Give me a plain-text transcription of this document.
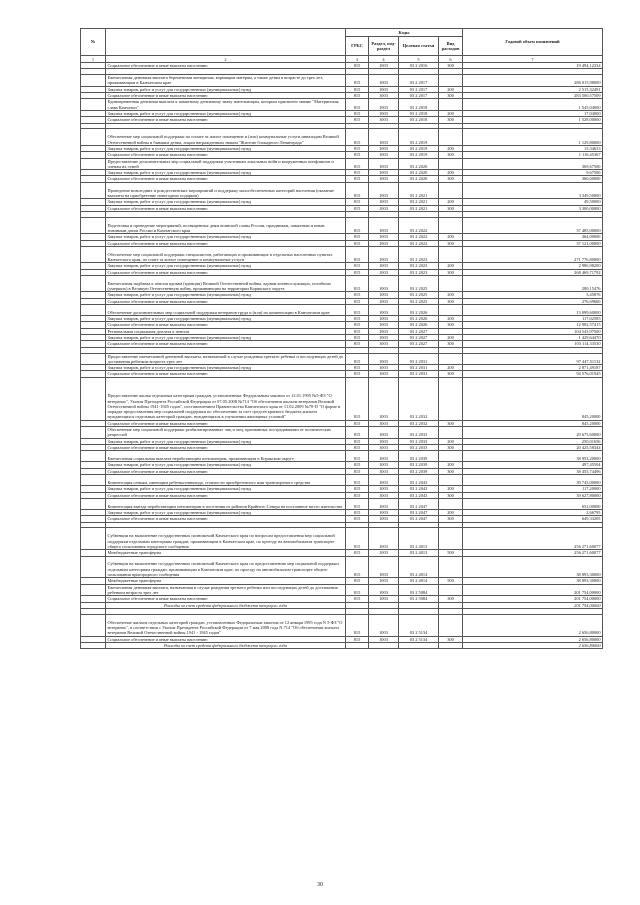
№		Коды				Годовой объем назначений
		ГРБС	Раздел, под-раздел	Целевая статья	Вид расходов	
1	2	3	4	5	6	7
	Социальное обеспечение и иные выплаты населению	815	1003	03 2 2016	300	19 494,12334

	Ежемесячная денежная выплата беременным женщинам, кормящим матерям, а также детям в возрасте до трех лет, проживающим в Камчатском крае	815	1003	03 2 2017		286 015,98000
	Закупка товаров, работ и услуг для государственных (муниципальных) нужд	815	1003	03 2 2017	200	2 515,32491
	Социальное обеспечение и иные выплаты населению	815	1003	03 2 2017	300	283 500,57509
	Единовременная денежная выплата к памятному денежному знаку жительницам, которым присвоено звание "Материнская слава Камчатки"	815	1003	03 2 2018		1 545,04000
	Закупка товаров, работ и услуг для государственных (муниципальных) нужд	815	1003	03 2 2018	200	17,04000
	Социальное обеспечение и иные выплаты населению	815	1003	03 2 2018	300	1 528,00000

	Обеспечение мер социальной поддержки по оплате за жилое помещение и (или) коммунальные услуги инвалидам Великой Отечественной войны и бывшим детям, лицам награжденным знаком "Жителю блокадного Ленинграда"	815	1003	03 2 2019		1 129,80000
	Закупка товаров, работ и услуг для государственных (муниципальных) нужд	815	1003	03 2 2019	200	13,34633
	Социальное обеспечение и иные выплаты населению	815	1003	03 2 2019	300	1 116,45367
	Предоставление дополнительных мер социальной поддержки участникам локальных войн и вооруженных конфликтов и членам их семей	815	1003	03 2 2020		369,67500
	Закупка товаров, работ и услуг для государственных (муниципальных) нужд	815	1003	03 2 2020	200	9,67500
	Социальное обеспечение и иные выплаты населению	815	1003	03 2 2020	300	360,00000
	Проведение новогодних и рождественских мероприятий и поддержку малообеспеченных категорий населения (оказание выплаты на приобретение новогодних подарков)	815	1003	03 2 2021		3 349,50000
	Закупка товаров, работ и услуг для государственных (муниципальных) нужд	815	1003	03 2 2021	200	49,50000
	Социальное обеспечение и иные выплаты населению	815	1003	03 2 2021	300	3 300,00000

	Подготовка и проведение мероприятий, посвященных дням воинской славы России, праздникам, памятным и иным значимым датам России и Камчатского края	815	1003	03 2 2022		37 485,00000
	Закупка товаров, работ и услуг для государственных (муниципальных) нужд	815	1003	03 2 2022	200	364,00000
	Социальное обеспечение и иные выплаты населению	815	1003	03 2 2022	300	37 121,00000
	Обеспечение мер социальной поддержки специалистов, работающих и проживающих в отдельных населенных пунктах Камчатского края, по плате за жилое помещение и коммунальные услуги	815	1003	03 2 2023		271 776,80000
	Закупка товаров, работ и услуг для государственных (муниципальных) нужд	815	1003	03 2 2023	200	2 986,98200
	Социальное обеспечение и иные выплаты населению	815	1003	03 2 2023	300	268 469,71792
	Ежемесячная надбавка к пенсии вдовам (вдовцам) Великой Отечественной войны, вдовам военнослужащих, погибших (умерших) в Великую Отечественную войну, проживающим на территории Корякского округа	815	1003	03 2 2025		280,15476
	Закупка товаров, работ и услуг для государственных (муниципальных) нужд	815	1003	03 2 2025	200	3,45876
	Социальное обеспечение и иные выплаты населению	815	1003	03 2 2025	300	276,69600
	Обеспечение дополнительных мер социальной поддержки ветеранов труда и (или) их компенсации в Камчатском крае	815	1003	03 2 2026		13 099,60000
	Закупка товаров, работ и услуг для государственных (муниципальных) нужд	815	1003	03 2 2026	200	117,02585
	Социальное обеспечение и иные выплаты населению	815	1003	03 2 2026	300	12 982,57415
	Региональная социальная доплата к пенсии	815	1003	03 2 2027		104 543,97500
	Закупка товаров, работ и услуг для государственных (муниципальных) нужд	815	1003	03 2 2027	200	1 429,64470
	Социальное обеспечение и иные выплаты населению	815	1003	03 2 2027	300	103 114,33530

	Предоставление ежемесячной денежной выплаты, назначаемой в случае рождения третьего ребенка и последующих детей до достижения ребенком возраста трех лет	815	1003	03 2 2031		97 447,51132
	Закупка товаров, работ и услуг для государственных (муниципальных) нужд	815	1003	03 2 2031	200	2 871,49187
	Социальное обеспечение и иные выплаты населению	815	1003	03 2 2031	300	94 576,01945
	Предоставление жилья отдельным категориям граждан, установленных Федеральным законом от 12.01.1995 №5-ФЗ "О ветеранах", Указом Президента Российской Федерации от 07.05.2008 №714 "Об обеспечении жильем ветеранов Великой Отечественной войны 1941-1945 годов", постановлением Правительства Камчатского края от 11.02.2009 №70-П "О форме и порядке предоставления мер социальной поддержки по обеспечению за счет средств краевого бюджета жильем нуждающихся отдельных категорий граждан, нуждающихся в улучшении жилищных условий"	815	1003	03 2 2032		845,20000
	Социальное обеспечение и иные выплаты населению	815	1003	03 2 2032	300	845,20000
	Обеспечение мер социальной поддержки реабилитированных лиц и лиц, признанных пострадавшими от политических репрессий	815	1003	03 2 2033		20 675,60000
	Закупка товаров, работ и услуг для государственных (муниципальных) нужд	815	1003	03 2 2033	200	250,01656
	Социальное обеспечение и иные выплаты населению	815	1003	03 2 2033	300	20 425,58344
	Ежемесячная социальная выплата неработающим пенсионерам, проживающим в Корякском округе	815	1003	03 2 2039		38 953,20000
	Закупка товаров, работ и услуг для государственных (муниципальных) нужд	815	1003	03 2 2039	200	497,45504
	Социальное обеспечение и иные выплаты населению	815	1003	03 2 2039	300	38 455,74496
	Компенсация семьям, имеющим ребенка-инвалида, стоимости приобретенного ими транспортного средства	815	1003	03 2 2043		39 745,00000
	Закупка товаров, работ и услуг для государственных (муниципальных) нужд	815	1003	03 2 2043	200	117,20000
	Социальное обеспечение и иные выплаты населению	815	1003	03 2 2043	300	39 627,80000
	Компенсация выезда неработающим пенсионерам в поселения из районов Крайнего Севера на постоянное место жительства	815	1003	03 2 2047		652,00000
	Закупка товаров, работ и услуг для государственных (муниципальных) нужд	815	1003	03 2 2047	200	2,66795
	Социальное обеспечение и иные выплаты населению	815	1003	03 2 2047	300	649,33205

	Субвенции на выполнение государственных полномочий Камчатского края по вопросам предоставления мер социальной поддержки отдельным категориям граждан, проживающим в Камчатском крае, по проезду на автомобильном транспорте общего пользования городского сообщения	815	1003	03 2 4013		256 271,60077
	Межбюджетные трансферты	815	1003	03 2 4013	500	256 271,60077
	Субвенции на выполнение государственных полномочий Камчатского края по предоставлению мер социальной поддержки отдельным категориям граждан, проживающим в Камчатском крае, по проезду на автомобильном транспорте общего пользования пригородного сообщения	815	1003	03 2 4014		38 893,30000
	Межбюджетные трансферты	815	1003	03 2 4014	500	38 893,30000
	Ежемесячная денежная выплата, назначаемая в случае рождения третьего ребенка или последующих детей до достижения ребенком возраста трех лет	815	1003	03 2 5084		201 754,00000
	Социальное обеспечение и иные выплаты населению	815	1003	03 2 5084	300	201 754,00000
	Расходы за счет средств федерального бюджета текущего года					201 754,00000

	Обеспечение жильем отдельных категорий граждан, установленных Федеральным законом от 12 января 1995 года N 5-ФЗ "О ветеранах", в соответствии с Указом Президента Российской Федерации от 7 мая 2008 года N 714 "Об обеспечении жильем ветеранов Великой Отечественной войны 1941 - 1945 годов"	815	1003	03 2 5134		2 656,80000
	Социальное обеспечение и иные выплаты населению	815	1003	03 2 5134	300	2 656,80000
	Расходы за счет средств федерального бюджета текущего года					2 656,80000
30
